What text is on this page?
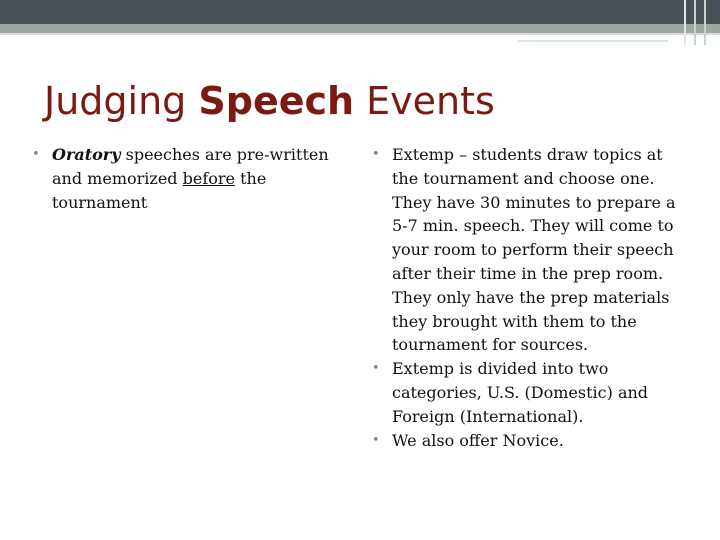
Judging Speech Events
• Oratory speeches are pre-written and memorized before the tournament
• Extemp – students draw topics at the tournament and choose one. They have 30 minutes to prepare a 5-7 min. speech. They will come to your room to perform their speech after their time in the prep room. They only have the prep materials they brought with them to the tournament for sources.
• Extemp is divided into two categories, U.S. (Domestic) and Foreign (International).
• We also offer Novice.
